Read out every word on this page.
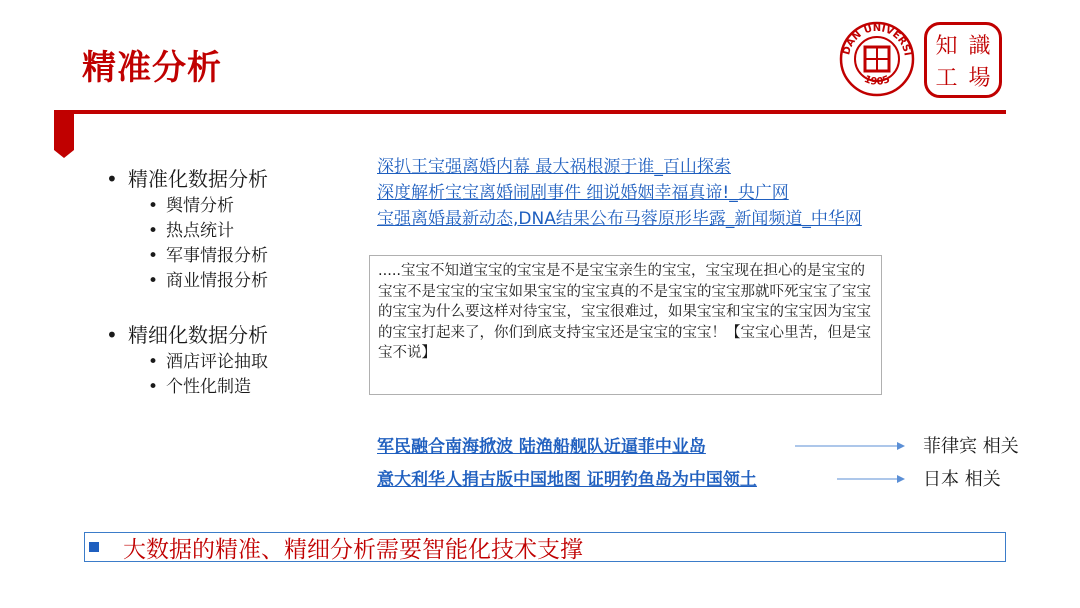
精准分析	DAN UNIVERSI
1905
知 識
工 場
• 精准化数据分析
• 舆情分析
• 热点统计
• 军事情报分析
• 商业情报分析
• 精细化数据分析
• 酒店评论抽取
• 个性化制造
深扒王宝强离婚内幕 最大祸根源于谁_百山探索
深度解析宝宝离婚闹剧事件 细说婚姻幸福真谛!_央广网
宝强离婚最新动态,DNA结果公布马蓉原形毕露_新闻频道_中华网
.....宝宝不知道宝宝的宝宝是不是宝宝亲生的宝宝，宝宝现在担心的是宝宝的宝宝不是宝宝的宝宝如果宝宝的宝宝真的不是宝宝的宝宝那就吓死宝宝了宝宝的宝宝为什么要这样对待宝宝，宝宝很难过，如果宝宝和宝宝的宝宝因为宝宝的宝宝打起来了，你们到底支持宝宝还是宝宝的宝宝！【宝宝心里苦，但是宝宝不说】
军民融合南海掀波 陆渔船舰队近逼菲中业岛	菲律宾 相关
意大利华人捐古版中国地图 证明钓鱼岛为中国领土	日本 相关
大数据的精准、精细分析需要智能化技术支撑
